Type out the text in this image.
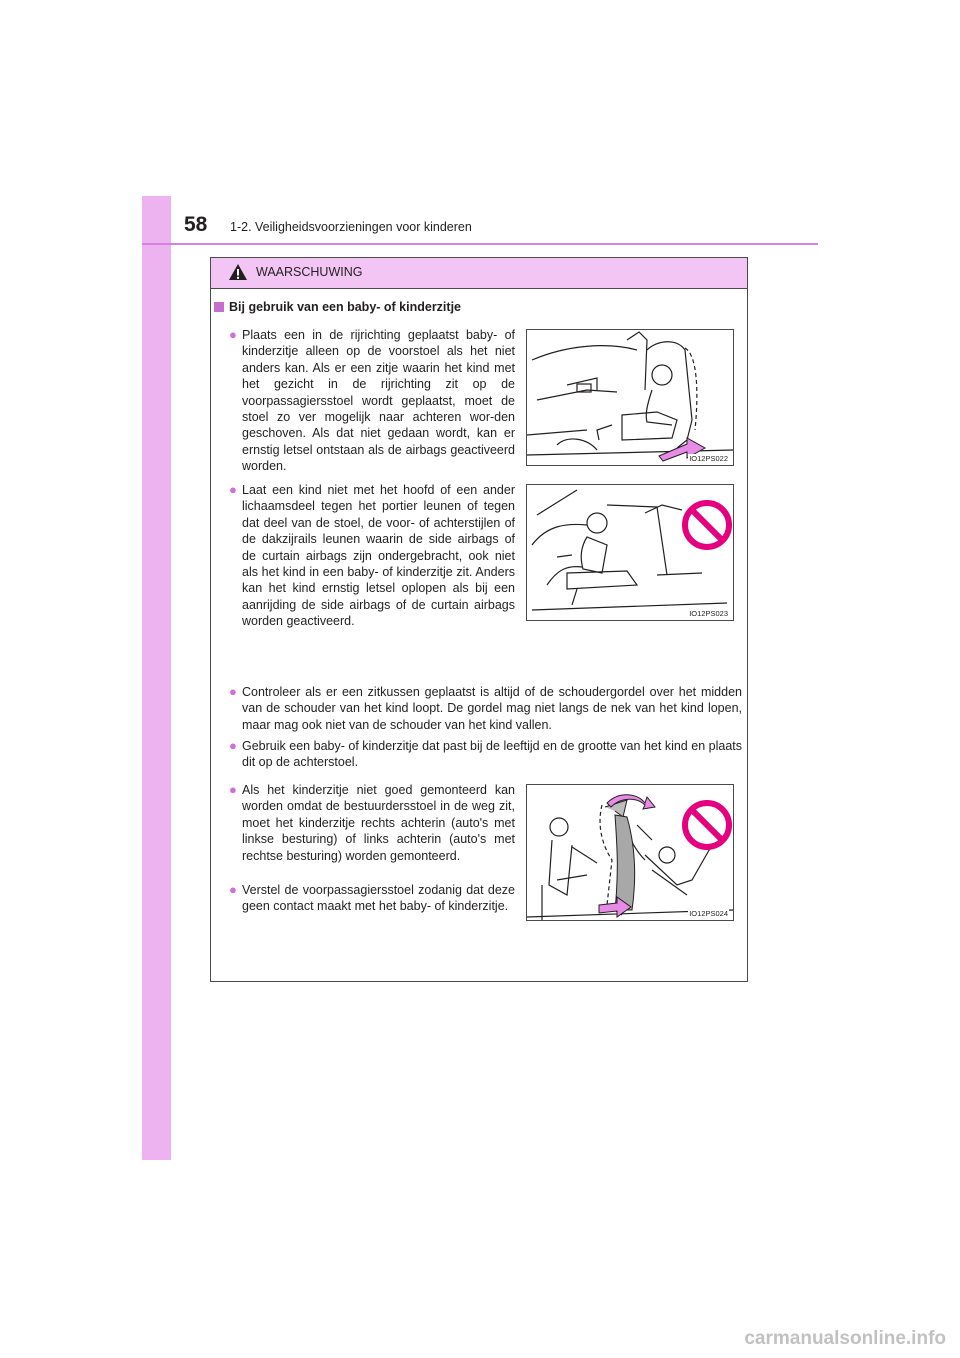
58 1-2. Veiligheidsvoorzieningen voor kinderen
WAARSCHUWING
Bij gebruik van een baby- of kinderzitje
● Plaats een in de rijrichting geplaatst baby- of kinderzitje alleen op de voorstoel als het niet anders kan. Als er een zitje waarin het kind met het gezicht in de rijrichting zit op de voorpassagiersstoel wordt geplaatst, moet de stoel zo ver mogelijk naar achteren wor-den geschoven. Als dat niet gedaan wordt, kan er ernstig letsel ontstaan als de airbags geactiveerd worden.
● Laat een kind niet met het hoofd of een ander lichaamsdeel tegen het portier leunen of tegen dat deel van de stoel, de voor- of achterstijlen of de dakzijrails leunen waarin de side airbags of de curtain airbags zijn ondergebracht, ook niet als het kind in een baby- of kinderzitje zit. Anders kan het kind ernstig letsel oplopen als bij een aanrijding de side airbags of de curtain airbags worden geactiveerd.
● Controleer als er een zitkussen geplaatst is altijd of de schoudergordel over het midden van de schouder van het kind loopt. De gordel mag niet langs de nek van het kind lopen, maar mag ook niet van de schouder van het kind vallen.
● Gebruik een baby- of kinderzitje dat past bij de leeftijd en de grootte van het kind en plaats dit op de achterstoel.
● Als het kinderzitje niet goed gemonteerd kan worden omdat de bestuurdersstoel in de weg zit, moet het kinderzitje rechts achterin (auto's met linkse besturing) of links achterin (auto's met rechtse besturing) worden gemonteerd.
● Verstel de voorpassagiersstoel zodanig dat deze geen contact maakt met het baby- of kinderzitje.
IO12PS022
IO12PS023
IO12PS024
carmanualsonline.info
